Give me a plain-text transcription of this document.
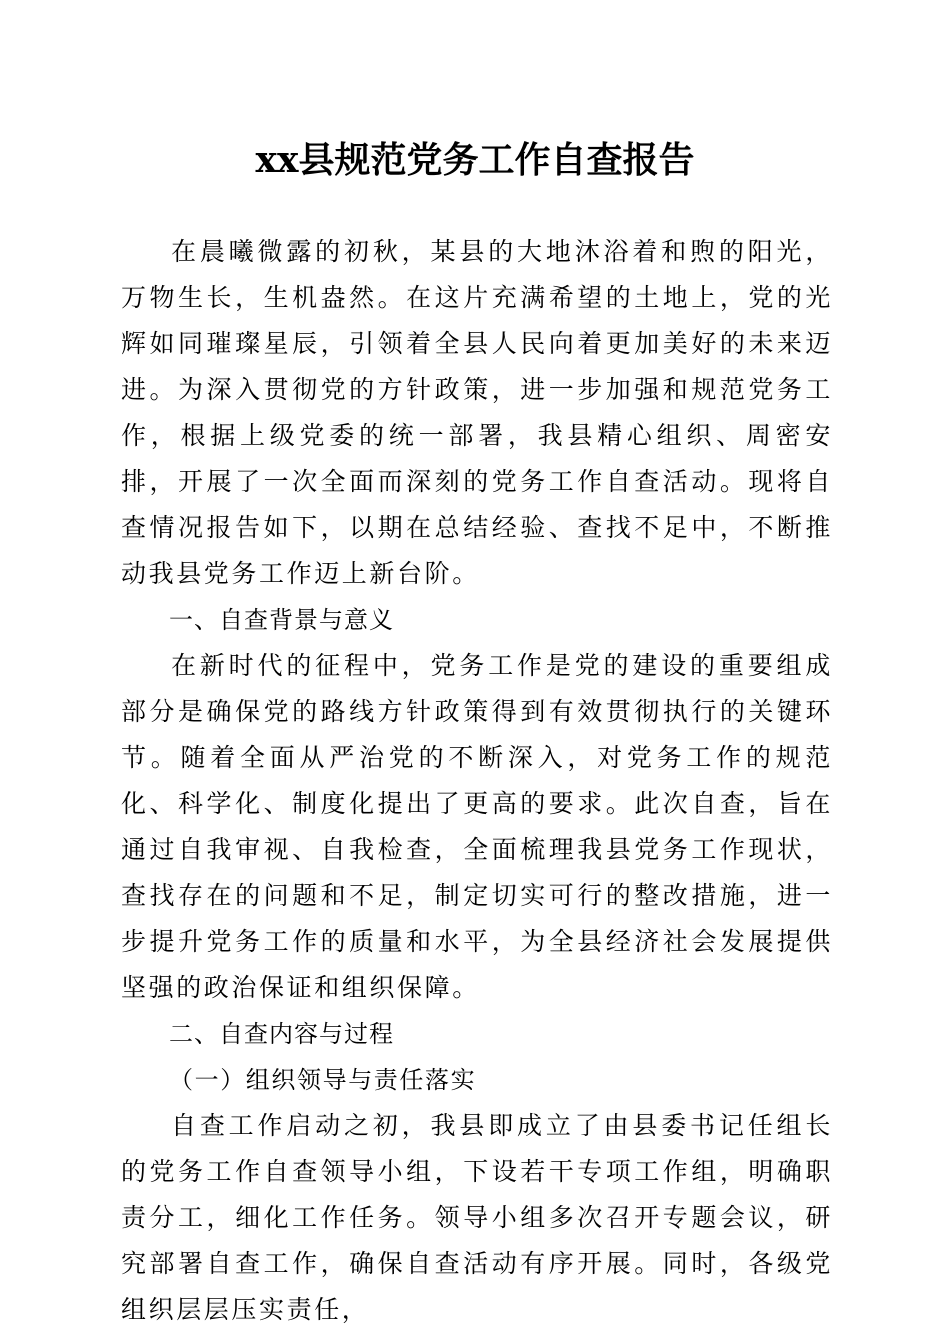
xx县规范党务工作自查报告

在晨曦微露的初秋，某县的大地沐浴着和煦的阳光，万物生长，生机盎然。在这片充满希望的土地上，党的光辉如同璀璨星辰，引领着全县人民向着更加美好的未来迈进。为深入贯彻党的方针政策，进一步加强和规范党务工作，根据上级党委的统一部署，我县精心组织、周密安排，开展了一次全面而深刻的党务工作自查活动。现将自查情况报告如下，以期在总结经验、查找不足中，不断推动我县党务工作迈上新台阶。

一、自查背景与意义

在新时代的征程中，党务工作是党的建设的重要组成部分是确保党的路线方针政策得到有效贯彻执行的关键环节。随着全面从严治党的不断深入，对党务工作的规范化、科学化、制度化提出了更高的要求。此次自查，旨在通过自我审视、自我检查，全面梳理我县党务工作现状，查找存在的问题和不足，制定切实可行的整改措施，进一步提升党务工作的质量和水平，为全县经济社会发展提供坚强的政治保证和组织保障。

二、自查内容与过程
（一）组织领导与责任落实

自查工作启动之初，我县即成立了由县委书记任组长的党务工作自查领导小组，下设若干专项工作组，明确职责分工，细化工作任务。领导小组多次召开专题会议，研究部署自查工作，确保自查活动有序开展。同时，各级党组织层层压实责任，
